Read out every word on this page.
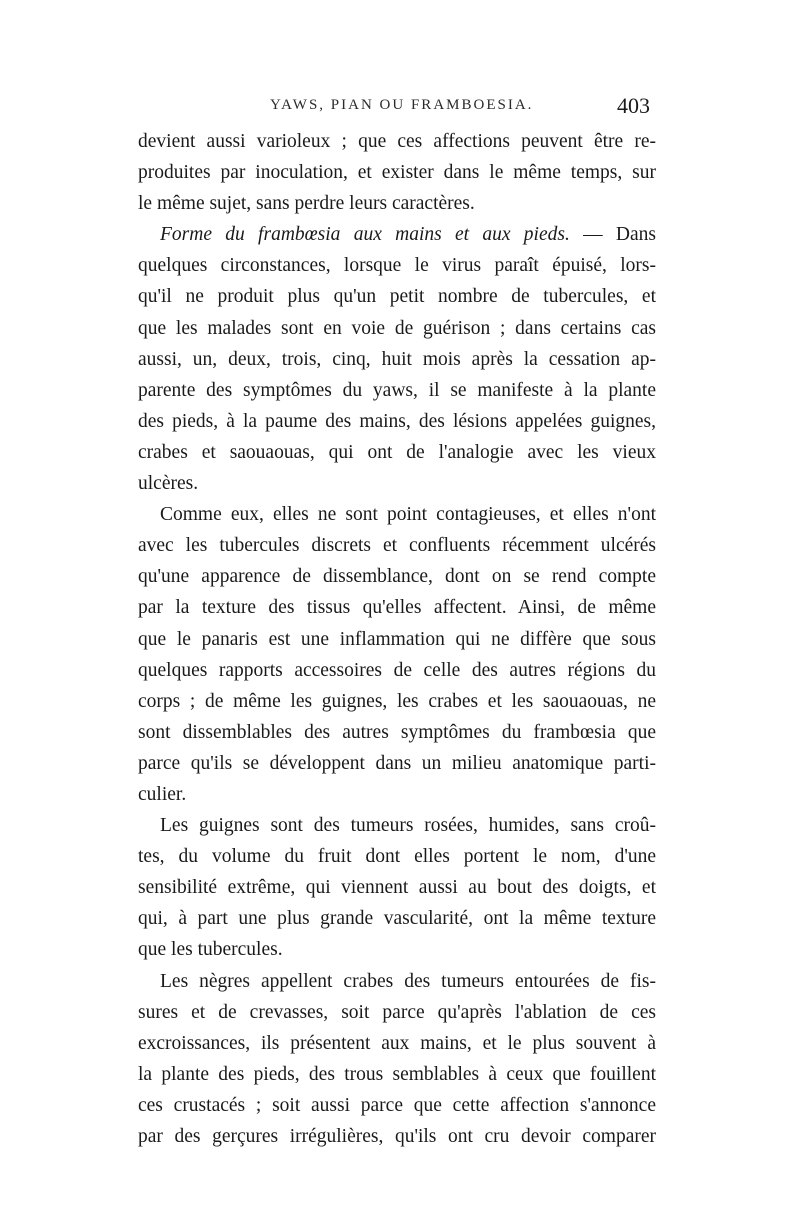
YAWS, PIAN OU FRAMBOESIA.	403
devient aussi varioleux ; que ces affections peuvent être re-
produites par inoculation, et exister dans le même temps, sur
le même sujet, sans perdre leurs caractères.
Forme du frambœsia aux mains et aux pieds. — Dans
quelques circonstances, lorsque le virus paraît épuisé, lors-
qu'il ne produit plus qu'un petit nombre de tubercules, et
que les malades sont en voie de guérison ; dans certains cas
aussi, un, deux, trois, cinq, huit mois après la cessation ap-
parente des symptômes du yaws, il se manifeste à la plante
des pieds, à la paume des mains, des lésions appelées guignes,
crabes et saouaouas, qui ont de l'analogie avec les vieux
ulcères.
Comme eux, elles ne sont point contagieuses, et elles n'ont
avec les tubercules discrets et confluents récemment ulcérés
qu'une apparence de dissemblance, dont on se rend compte
par la texture des tissus qu'elles affectent. Ainsi, de même
que le panaris est une inflammation qui ne diffère que sous
quelques rapports accessoires de celle des autres régions du
corps ; de même les guignes, les crabes et les saouaouas, ne
sont dissemblables des autres symptômes du frambœsia que
parce qu'ils se développent dans un milieu anatomique parti-
culier.
Les guignes sont des tumeurs rosées, humides, sans croû-
tes, du volume du fruit dont elles portent le nom, d'une
sensibilité extrême, qui viennent aussi au bout des doigts, et
qui, à part une plus grande vascularité, ont la même texture
que les tubercules.
Les nègres appellent crabes des tumeurs entourées de fis-
sures et de crevasses, soit parce qu'après l'ablation de ces
excroissances, ils présentent aux mains, et le plus souvent à
la plante des pieds, des trous semblables à ceux que fouillent
ces crustacés ; soit aussi parce que cette affection s'annonce
par des gerçures irrégulières, qu'ils ont cru devoir comparer
